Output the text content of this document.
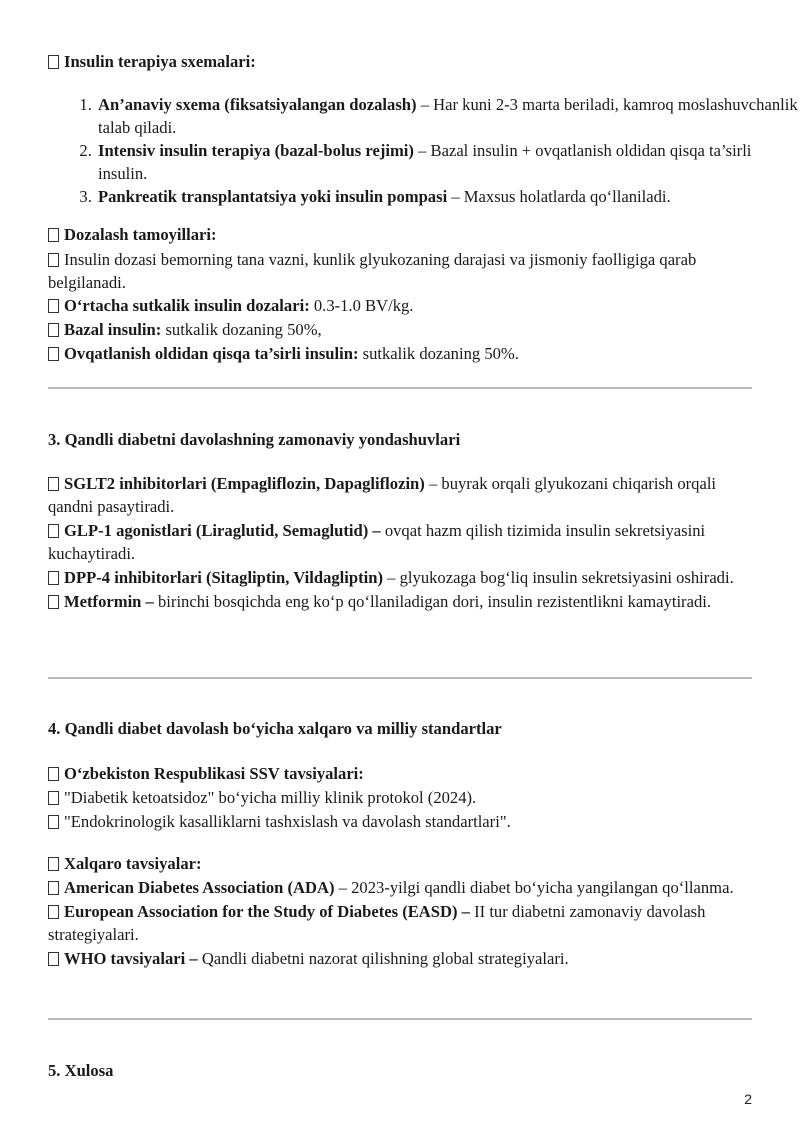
Insulin terapiya sxemalari:

1. An’anaviy sxema (fiksatsiyalangan dozalash) – Har kuni 2-3 marta beriladi, kamroq moslashuvchanlik talab qiladi.
2. Intensiv insulin terapiya (bazal-bolus rejimi) – Bazal insulin + ovqatlanish oldidan qisqa ta’sirli insulin.
3. Pankreatik transplantatsiya yoki insulin pompasi – Maxsus holatlarda qo‘llaniladi.

Dozalash tamoyillari:

Insulin dozasi bemorning tana vazni, kunlik glyukozaning darajasi va jismoniy faolligiga qarab belgilanadi.

O‘rtacha sutkalik insulin dozalari: 0.3-1.0 BV/kg.

Bazal insulin: sutkalik dozaning 50%,

Ovqatlanish oldidan qisqa ta’sirli insulin: sutkalik dozaning 50%.

3. Qandli diabetni davolashning zamonaviy yondashuvlari

SGLT2 inhibitorlari (Empagliflozin, Dapagliflozin) – buyrak orqali glyukozani chiqarish orqali qandni pasaytiradi.

GLP-1 agonistlari (Liraglutid, Semaglutid) – ovqat hazm qilish tizimida insulin sekretsiyasini kuchaytiradi.

DPP-4 inhibitorlari (Sitagliptin, Vildagliptin) – glyukozaga bog‘liq insulin sekretsiyasini oshiradi.

Metformin – birinchi bosqichda eng ko‘p qo‘llaniladigan dori, insulin rezistentlikni kamaytiradi.

4. Qandli diabet davolash bo‘yicha xalqaro va milliy standartlar

O‘zbekiston Respublikasi SSV tavsiyalari:

"Diabetik ketoatsidoz" bo‘yicha milliy klinik protokol (2024).

"Endokrinologik kasalliklarni tashxislash va davolash standartlari".

Xalqaro tavsiyalar:

American Diabetes Association (ADA) – 2023-yilgi qandli diabet bo‘yicha yangilangan qo‘llanma.

European Association for the Study of Diabetes (EASD) – II tur diabetni zamonaviy davolash strategiyalari.

WHO tavsiyalari – Qandli diabetni nazorat qilishning global strategiyalari.

5. Xulosa

2
